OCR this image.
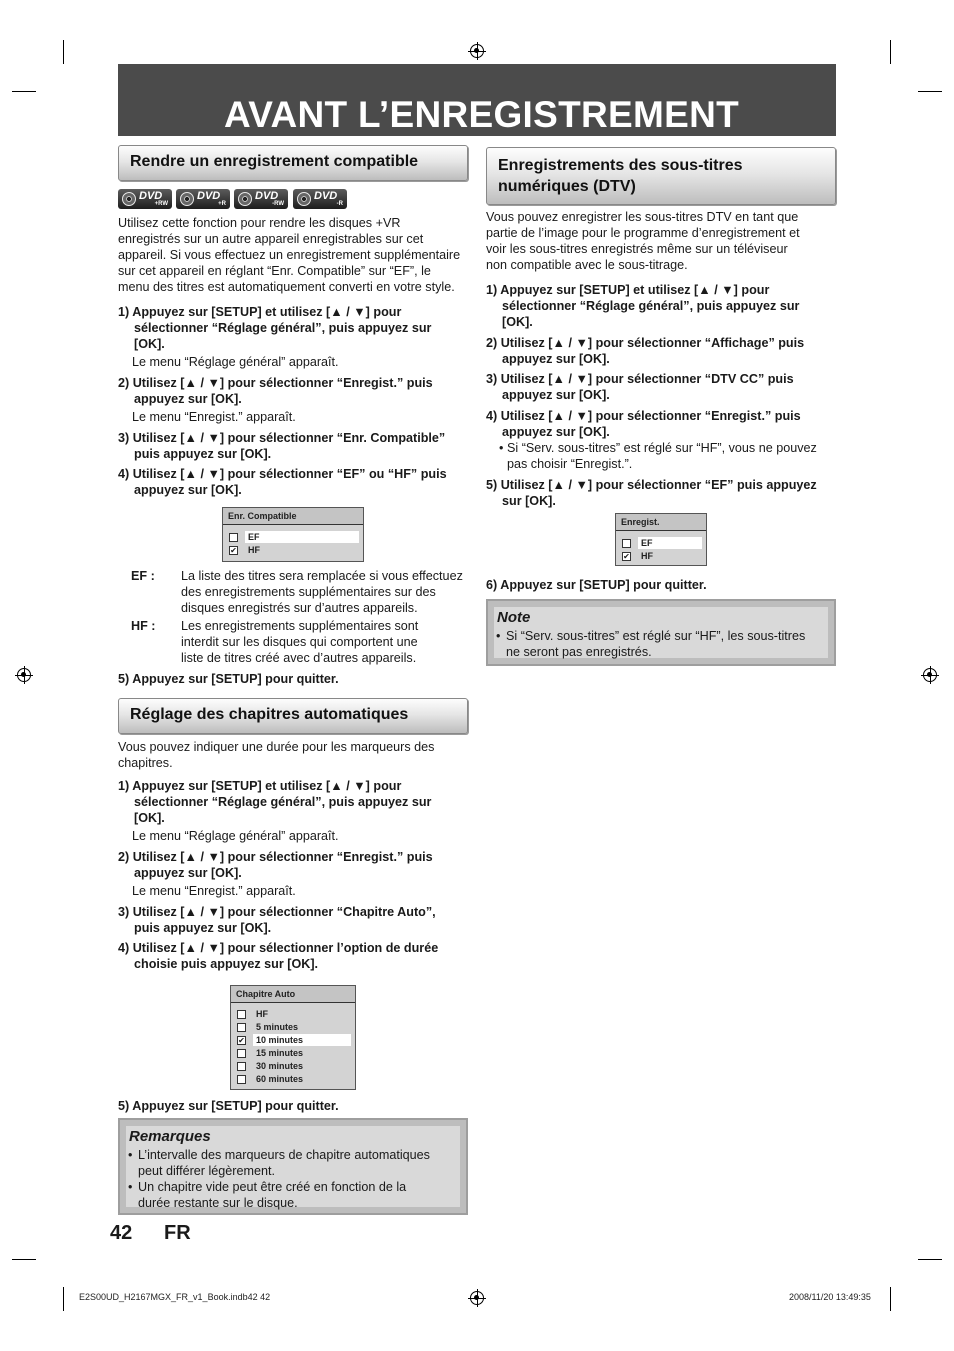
AVANT L’ENREGISTREMENT
Rendre un enregistrement compatible
DVD
+RW
DVD
+R
DVD
-RW
DVD
-R
Utilisez cette fonction pour rendre les disques +VR
enregistrés sur un autre appareil enregistrables sur cet
appareil. Si vous effectuez un enregistrement supplémentaire
sur cet appareil en réglant “Enr. Compatible” sur “EF”, le
menu des titres est automatiquement converti en votre style.
1) Appuyez sur [SETUP] et utilisez [▲ / ▼] pour
sélectionner “Réglage général”, puis appuyez sur
[OK].
Le menu “Réglage général” apparaît.
2) Utilisez [▲ / ▼] pour sélectionner “Enregist.” puis
appuyez sur [OK].
Le menu “Enregist.” apparaît.
3) Utilisez [▲ / ▼] pour sélectionner “Enr. Compatible”
puis appuyez sur [OK].
4) Utilisez [▲ / ▼] pour sélectionner “EF” ou “HF” puis
appuyez sur [OK].
Enr. Compatible
EF
✔	HF
EF : La liste des titres sera remplacée si vous effectuez
des enregistrements supplémentaires sur des
disques enregistrés sur d’autres appareils.
HF : Les enregistrements supplémentaires sont
interdit sur les disques qui comportent une
liste de titres créé avec d’autres appareils.
5) Appuyez sur [SETUP] pour quitter.
Réglage des chapitres automatiques
Vous pouvez indiquer une durée pour les marqueurs des
chapitres.
1) Appuyez sur [SETUP] et utilisez [▲ / ▼] pour
sélectionner “Réglage général”, puis appuyez sur
[OK].
Le menu “Réglage général” apparaît.
2) Utilisez [▲ / ▼] pour sélectionner “Enregist.” puis
appuyez sur [OK].
Le menu “Enregist.” apparaît.
3) Utilisez [▲ / ▼] pour sélectionner “Chapitre Auto”,
puis appuyez sur [OK].
4) Utilisez [▲ / ▼] pour sélectionner l’option de durée
choisie puis appuyez sur [OK].
Chapitre Auto
HF
5 minutes
✔	10 minutes
15 minutes
30 minutes
60 minutes
5) Appuyez sur [SETUP] pour quitter.
Remarques
• L’intervalle des marqueurs de chapitre automatiques
peut différer légèrement.
• Un chapitre vide peut être créé en fonction de la
durée restante sur le disque.
Enregistrements des sous-titres
numériques (DTV)
Vous pouvez enregistrer les sous-titres DTV en tant que
partie de l’image pour le programme d’enregistrement et
voir les sous-titres enregistrés même sur un téléviseur
non compatible avec le sous-titrage.
1) Appuyez sur [SETUP] et utilisez [▲ / ▼] pour
sélectionner “Réglage général”, puis appuyez sur
[OK].
2) Utilisez [▲ / ▼] pour sélectionner “Affichage” puis
appuyez sur [OK].
3) Utilisez [▲ / ▼] pour sélectionner “DTV CC” puis
appuyez sur [OK].
4) Utilisez [▲ / ▼] pour sélectionner “Enregist.” puis
appuyez sur [OK].
• Si “Serv. sous-titres” est réglé sur “HF”, vous ne pouvez
pas choisir “Enregist.”.
5) Utilisez [▲ / ▼] pour sélectionner “EF” puis appuyez
sur [OK].
Enregist.
EF
✔	HF
6) Appuyez sur [SETUP] pour quitter.
Note
• Si “Serv. sous-titres” est réglé sur “HF”, les sous-titres
ne seront pas enregistrés.
42 FR
E2S00UD_H2167MGX_FR_v1_Book.indb42 42	2008/11/20 13:49:35
